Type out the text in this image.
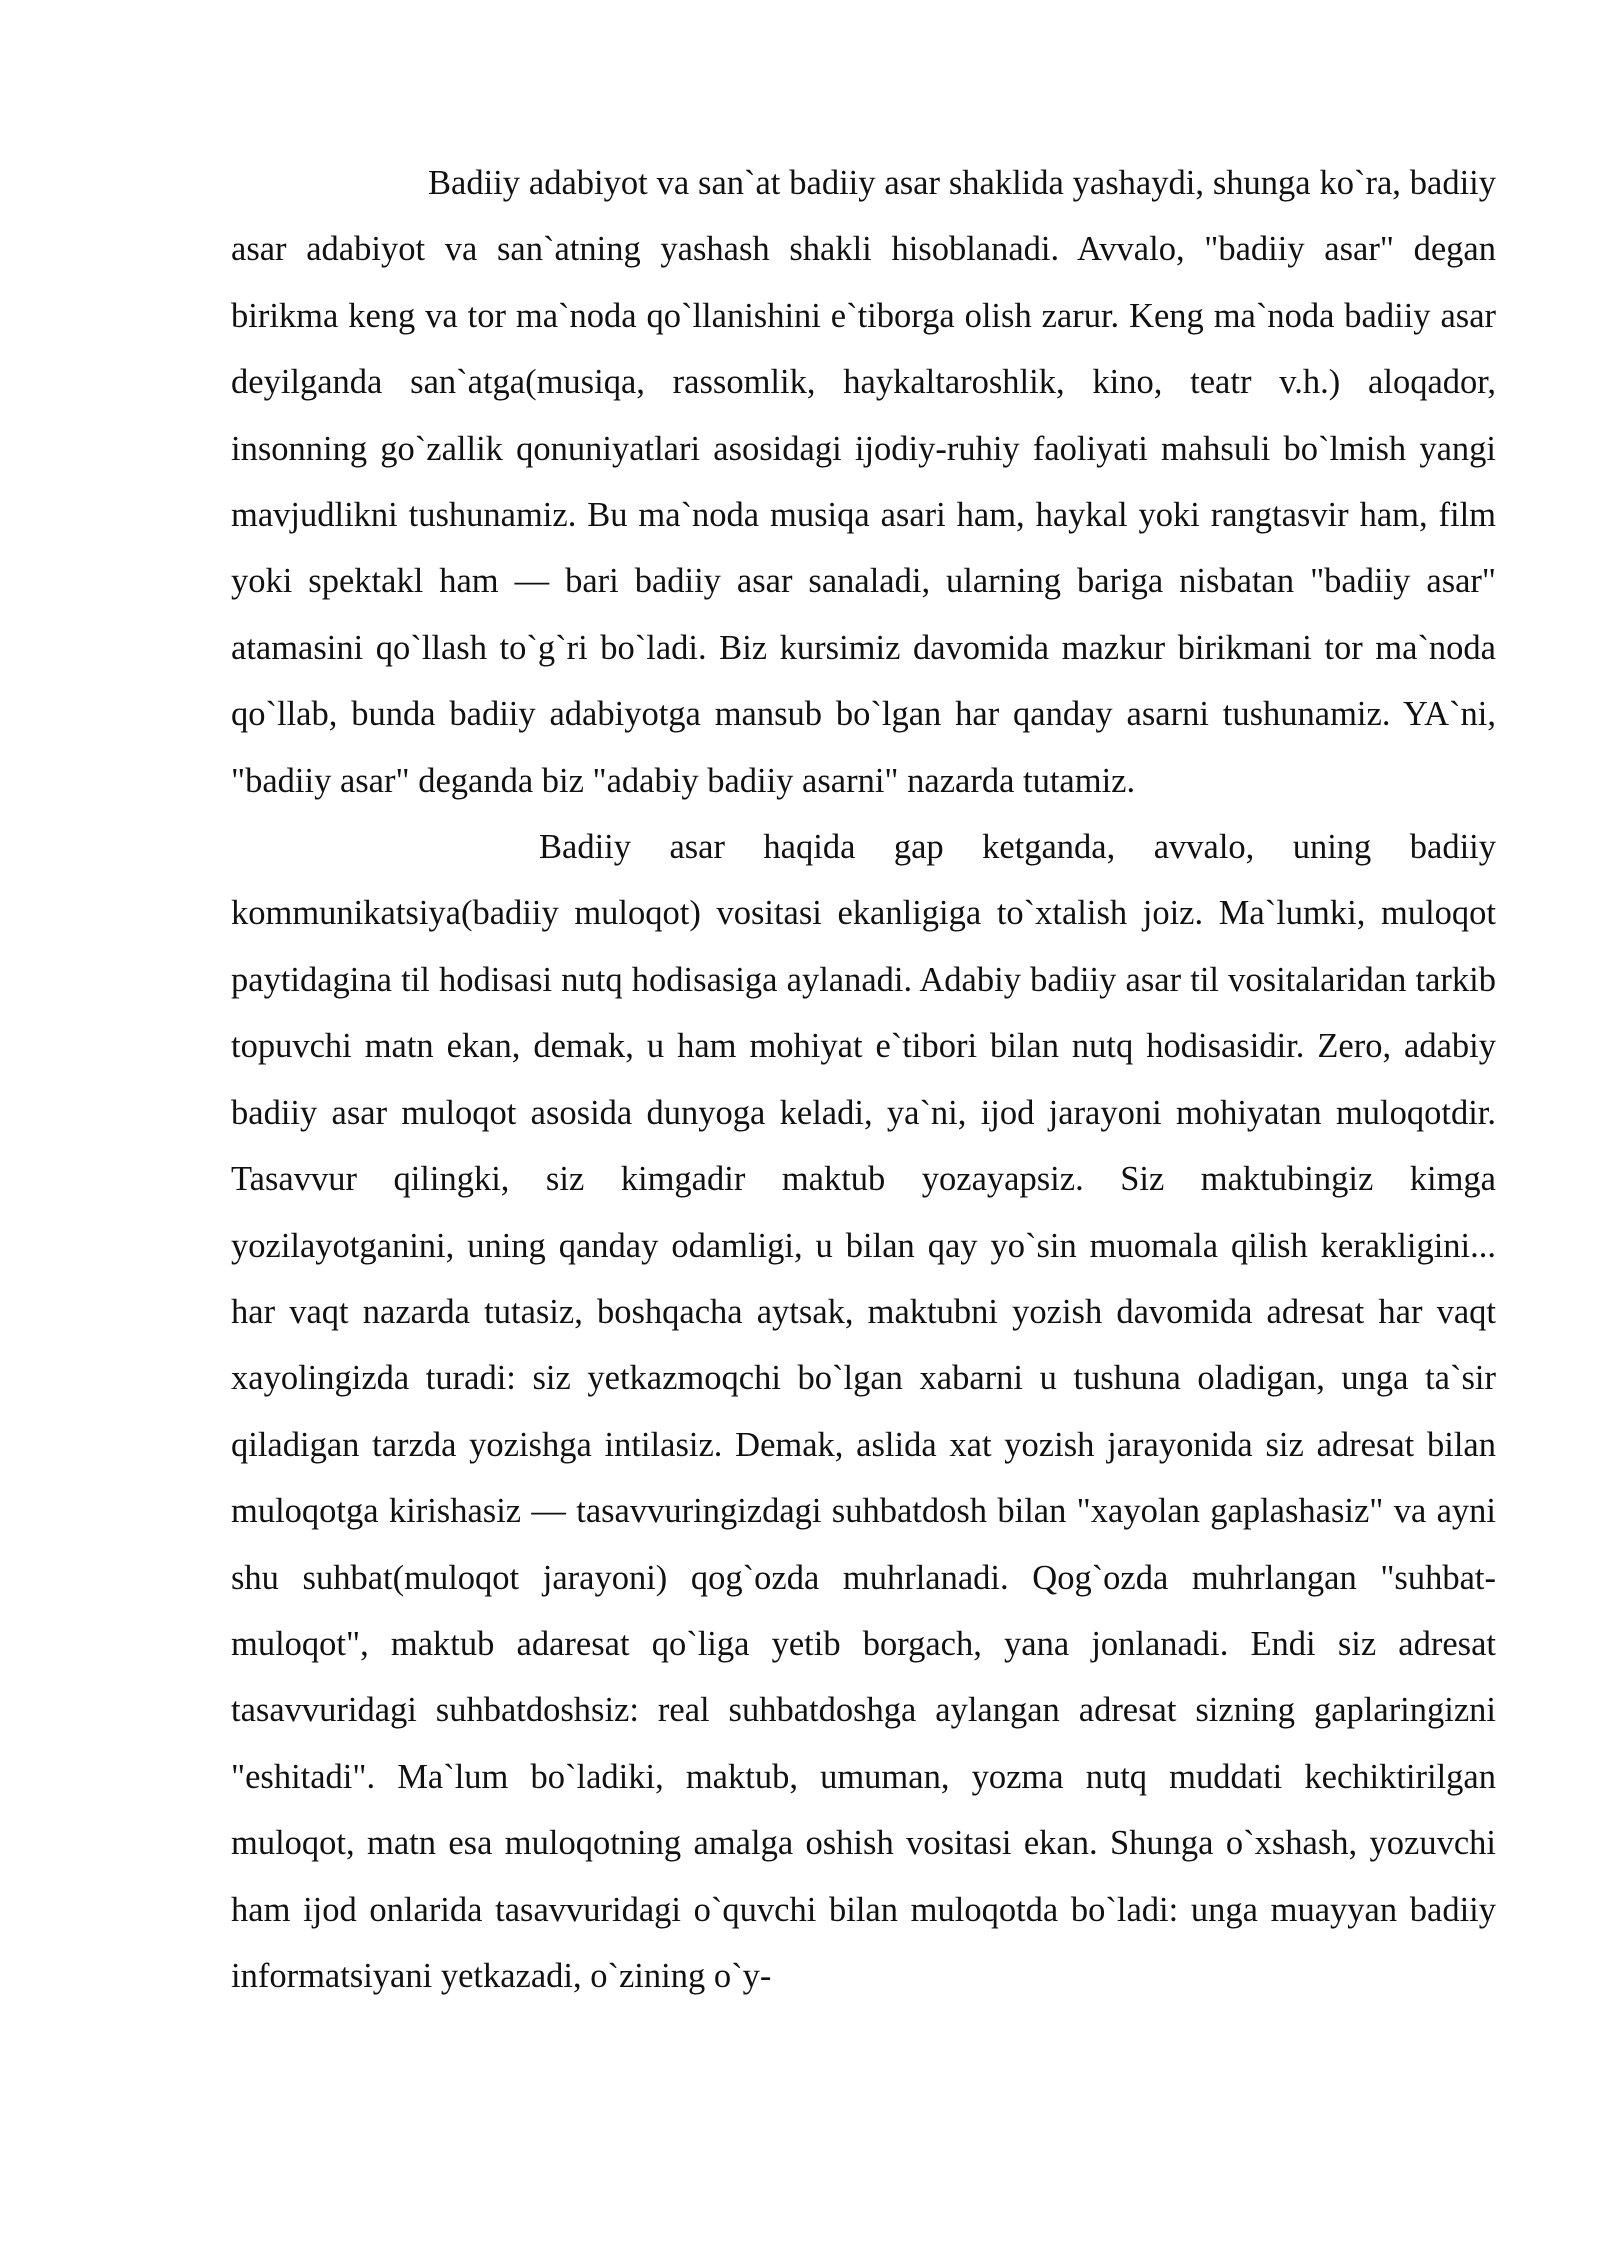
Badiiy adabiyot va san`at badiiy asar shaklida yashaydi, shunga ko`ra, badiiy asar adabiyot va san`atning yashash shakli hisoblanadi. Avvalo, "badiiy asar" degan birikma keng va tor ma`noda qo`llanishini e`tiborga olish zarur. Keng ma`noda badiiy asar deyilganda san`atga(musiqa, rassomlik, haykaltaroshlik, kino, teatr v.h.) aloqador, insonning go`zallik qonuniyatlari asosidagi ijodiy-ruhiy faoliyati mahsuli bo`lmish yangi mavjudlikni tushunamiz. Bu ma`noda musiqa asari ham, haykal yoki rangtasvir ham, film yoki spektakl ham — bari badiiy asar sanaladi, ularning bariga nisbatan "badiiy asar" atamasini qo`llash to`g`ri bo`ladi. Biz kursimiz davomida mazkur birikmani tor ma`noda qo`llab, bunda badiiy adabiyotga mansub bo`lgan har qanday asarni tushunamiz. YA`ni, "badiiy asar" deganda biz "adabiy badiiy asarni" nazarda tutamiz.

Badiiy asar haqida gap ketganda, avvalo, uning badiiy kommunikatsiya(badiiy muloqot) vositasi ekanligiga to`xtalish joiz. Ma`lumki, muloqot paytidagina til hodisasi nutq hodisasiga aylanadi. Adabiy badiiy asar til vositalaridan tarkib topuvchi matn ekan, demak, u ham mohiyat e`tibori bilan nutq hodisasidir. Zero, adabiy badiiy asar muloqot asosida dunyoga keladi, ya`ni, ijod jarayoni mohiyatan muloqotdir. Tasavvur qilingki, siz kimgadir maktub yozayapsiz. Siz maktubingiz kimga yozilayotganini, uning qanday odamligi, u bilan qay yo`sin muomala qilish kerakligini... har vaqt nazarda tutasiz, boshqacha aytsak, maktubni yozish davomida adresat har vaqt xayolingizda turadi: siz yetkazmoqchi bo`lgan xabarni u tushuna oladigan, unga ta`sir qiladigan tarzda yozishga intilasiz. Demak, aslida xat yozish jarayonida siz adresat bilan muloqotga kirishasiz — tasavvuringizdagi suhbatdosh bilan "xayolan gaplashasiz" va ayni shu suhbat(muloqot jarayoni) qog`ozda muhrlanadi. Qog`ozda muhrlangan "suhbat-muloqot", maktub adaresat qo`liga yetib borgach, yana jonlanadi. Endi siz adresat tasavvuridagi suhbatdoshsiz: real suhbatdoshga aylangan adresat sizning gaplaringizni "eshitadi". Ma`lum bo`ladiki, maktub, umuman, yozma nutq muddati kechiktirilgan muloqot, matn esa muloqotning amalga oshish vositasi ekan. Shunga o`xshash, yozuvchi ham ijod onlarida tasavvuridagi o`quvchi bilan muloqotda bo`ladi: unga muayyan badiiy informatsiyani yetkazadi, o`zining o`y-
